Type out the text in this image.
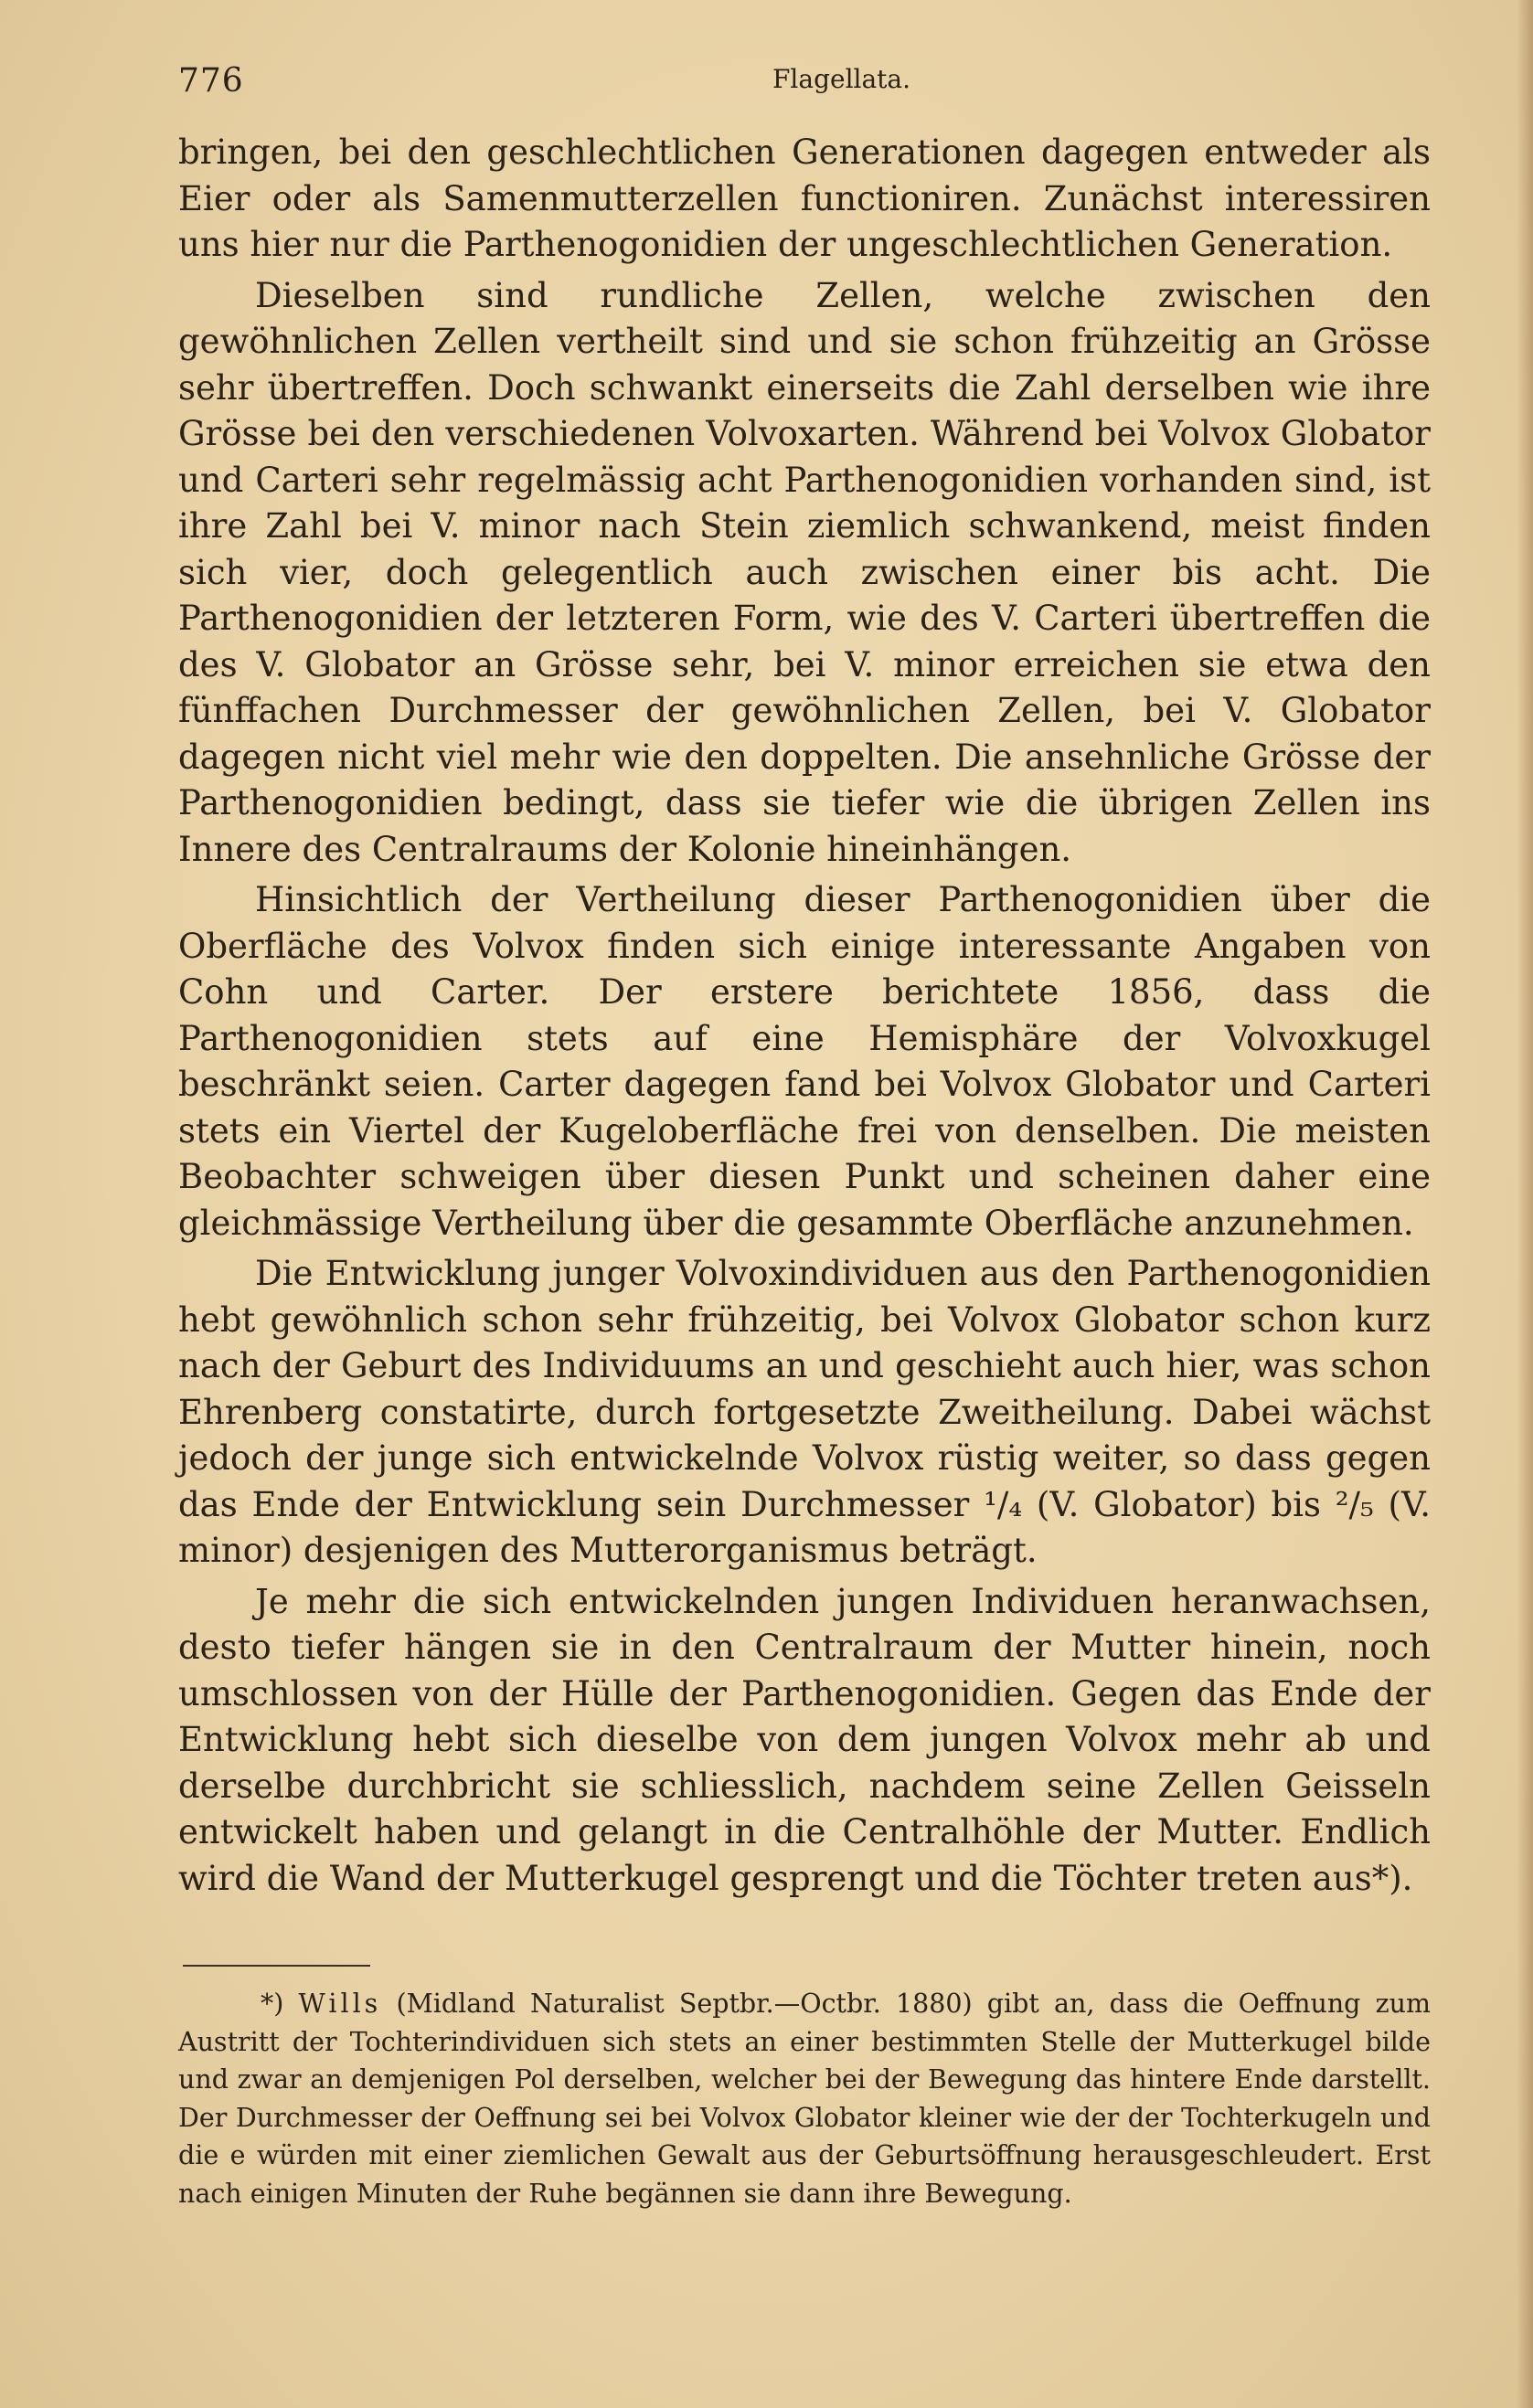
776	Flagellata.

bringen, bei den geschlechtlichen Generationen dagegen entweder als Eier oder als Samenmutterzellen functioniren. Zunächst interessiren uns hier nur die Parthenogonidien der ungeschlechtlichen Generation.

Dieselben sind rundliche Zellen, welche zwischen den gewöhnlichen Zellen vertheilt sind und sie schon frühzeitig an Grösse sehr übertreffen. Doch schwankt einerseits die Zahl derselben wie ihre Grösse bei den verschiedenen Volvoxarten. Während bei Volvox Globator und Carteri sehr regelmässig acht Parthenogonidien vorhanden sind, ist ihre Zahl bei V. minor nach Stein ziemlich schwankend, meist finden sich vier, doch gelegentlich auch zwischen einer bis acht. Die Parthenogonidien der letzteren Form, wie des V. Carteri übertreffen die des V. Globator an Grösse sehr, bei V. minor erreichen sie etwa den fünffachen Durchmesser der gewöhnlichen Zellen, bei V. Globator dagegen nicht viel mehr wie den doppelten. Die ansehnliche Grösse der Parthenogonidien bedingt, dass sie tiefer wie die übrigen Zellen ins Innere des Centralraums der Kolonie hineinhängen.

Hinsichtlich der Vertheilung dieser Parthenogonidien über die Oberfläche des Volvox finden sich einige interessante Angaben von Cohn und Carter. Der erstere berichtete 1856, dass die Parthenogonidien stets auf eine Hemisphäre der Volvoxkugel beschränkt seien. Carter dagegen fand bei Volvox Globator und Carteri stets ein Viertel der Kugeloberfläche frei von denselben. Die meisten Beobachter schweigen über diesen Punkt und scheinen daher eine gleichmässige Vertheilung über die gesammte Oberfläche anzunehmen.

Die Entwicklung junger Volvoxindividuen aus den Parthenogonidien hebt gewöhnlich schon sehr frühzeitig, bei Volvox Globator schon kurz nach der Geburt des Individuums an und geschieht auch hier, was schon Ehrenberg constatirte, durch fortgesetzte Zweitheilung. Dabei wächst jedoch der junge sich entwickelnde Volvox rüstig weiter, so dass gegen das Ende der Entwicklung sein Durchmesser ¹/₄ (V. Globator) bis ²/₅ (V. minor) desjenigen des Mutterorganismus beträgt.

Je mehr die sich entwickelnden jungen Individuen heranwachsen, desto tiefer hängen sie in den Centralraum der Mutter hinein, noch umschlossen von der Hülle der Parthenogonidien. Gegen das Ende der Entwicklung hebt sich dieselbe von dem jungen Volvox mehr ab und derselbe durchbricht sie schliesslich, nachdem seine Zellen Geisseln entwickelt haben und gelangt in die Centralhöhle der Mutter. Endlich wird die Wand der Mutterkugel gesprengt und die Töchter treten aus*).

*) Wills (Midland Naturalist Septbr.—Octbr. 1880) gibt an, dass die Oeffnung zum Austritt der Tochterindividuen sich stets an einer bestimmten Stelle der Mutterkugel bilde und zwar an demjenigen Pol derselben, welcher bei der Bewegung das hintere Ende darstellt. Der Durchmesser der Oeffnung sei bei Volvox Globator kleiner wie der der Tochterkugeln und die e würden mit einer ziemlichen Gewalt aus der Geburtsöffnung herausgeschleudert. Erst nach einigen Minuten der Ruhe begännen sie dann ihre Bewegung.
